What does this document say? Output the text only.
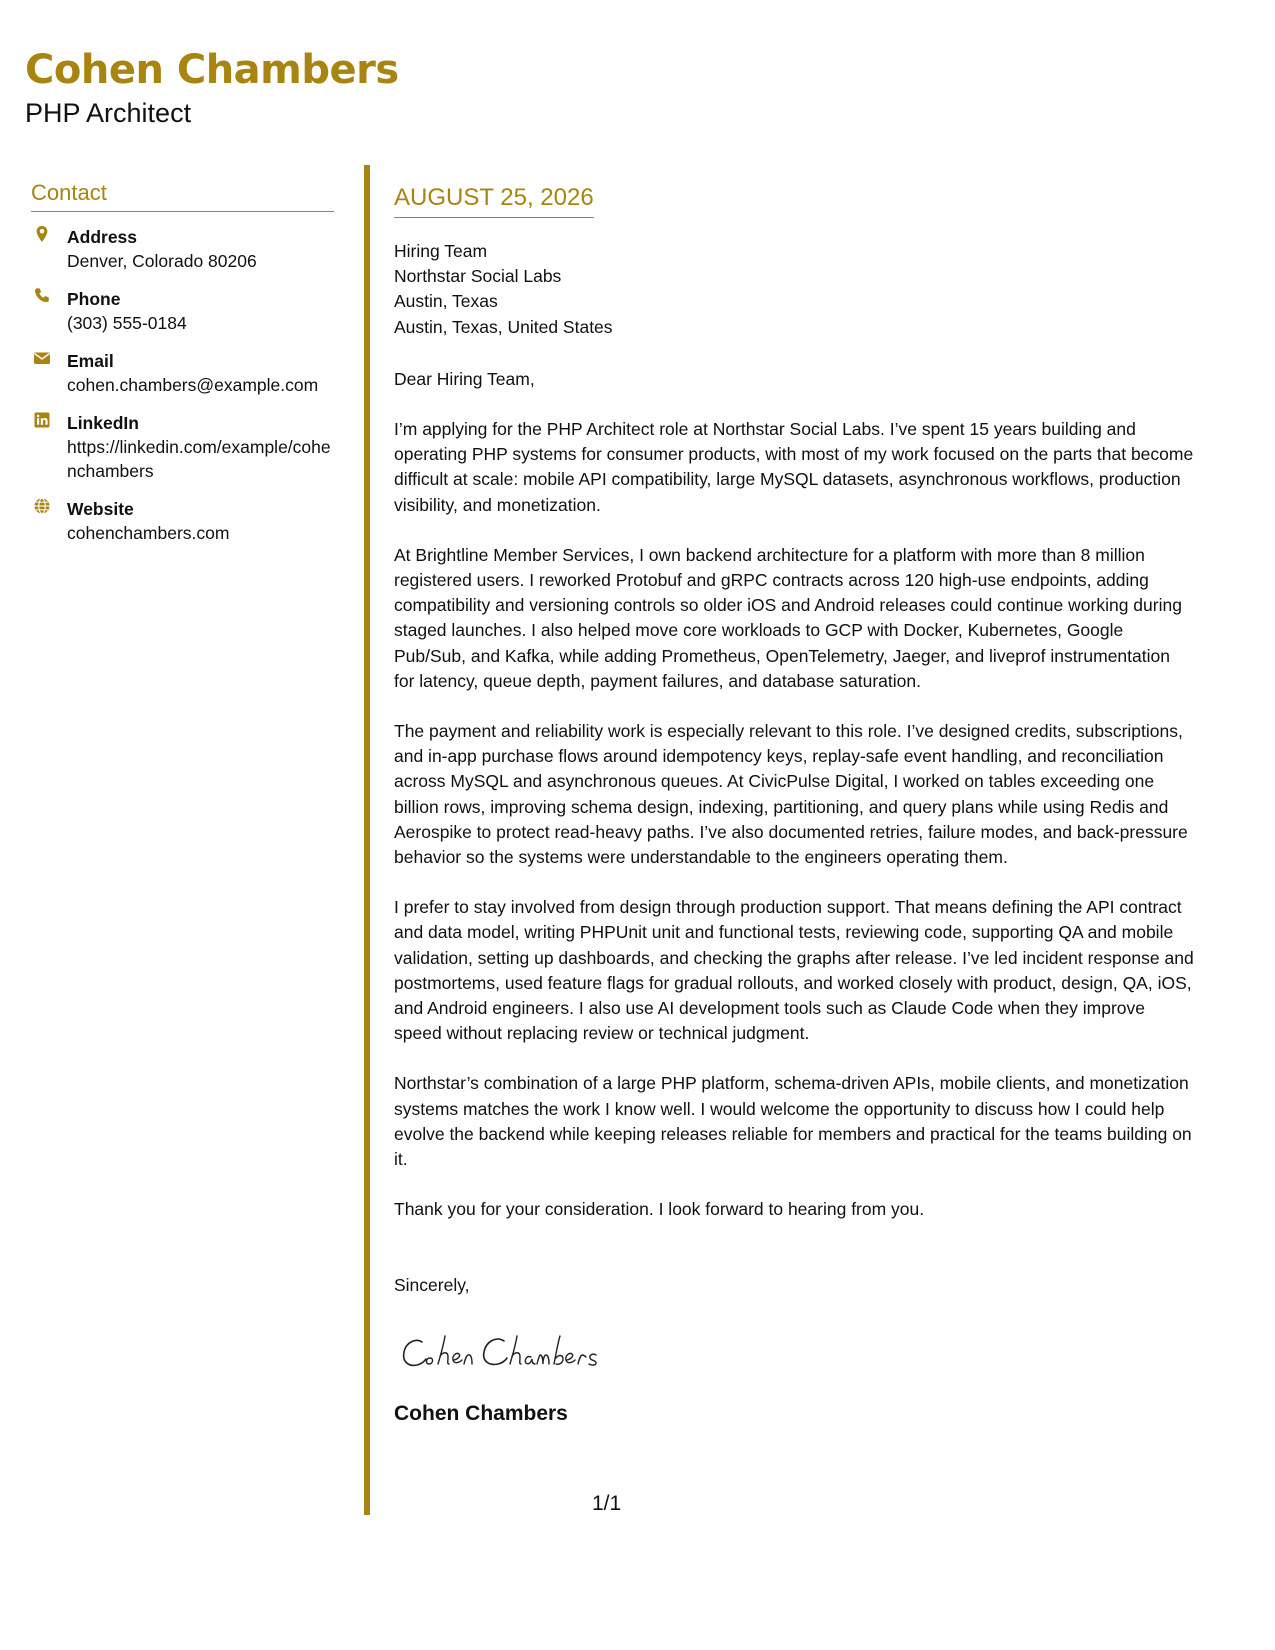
Cohen Chambers
PHP Architect
Contact
Address
Denver, Colorado 80206
Phone
(303) 555-0184
Email
cohen.chambers@example.com
LinkedIn
https://linkedin.com/example/cohenchambers
Website
cohenchambers.com
AUGUST 25, 2026
Hiring Team
Northstar Social Labs
Austin, Texas
Austin, Texas, United States
Dear Hiring Team,

I’m applying for the PHP Architect role at Northstar Social Labs. I’ve spent 15 years building and operating PHP systems for consumer products, with most of my work focused on the parts that become difficult at scale: mobile API compatibility, large MySQL datasets, asynchronous workflows, production visibility, and monetization.

At Brightline Member Services, I own backend architecture for a platform with more than 8 million registered users. I reworked Protobuf and gRPC contracts across 120 high-use endpoints, adding compatibility and versioning controls so older iOS and Android releases could continue working during staged launches. I also helped move core workloads to GCP with Docker, Kubernetes, Google Pub/Sub, and Kafka, while adding Prometheus, OpenTelemetry, Jaeger, and liveprof instrumentation for latency, queue depth, payment failures, and database saturation.

The payment and reliability work is especially relevant to this role. I’ve designed credits, subscriptions, and in-app purchase flows around idempotency keys, replay-safe event handling, and reconciliation across MySQL and asynchronous queues. At CivicPulse Digital, I worked on tables exceeding one billion rows, improving schema design, indexing, partitioning, and query plans while using Redis and Aerospike to protect read-heavy paths. I’ve also documented retries, failure modes, and back-pressure behavior so the systems were understandable to the engineers operating them.

I prefer to stay involved from design through production support. That means defining the API contract and data model, writing PHPUnit unit and functional tests, reviewing code, supporting QA and mobile validation, setting up dashboards, and checking the graphs after release. I’ve led incident response and postmortems, used feature flags for gradual rollouts, and worked closely with product, design, QA, iOS, and Android engineers. I also use AI development tools such as Claude Code when they improve speed without replacing review or technical judgment.

Northstar’s combination of a large PHP platform, schema-driven APIs, mobile clients, and monetization systems matches the work I know well. I would welcome the opportunity to discuss how I could help evolve the backend while keeping releases reliable for members and practical for the teams building on it.

Thank you for your consideration. I look forward to hearing from you.

Sincerely,
Cohen Chambers
1/1
